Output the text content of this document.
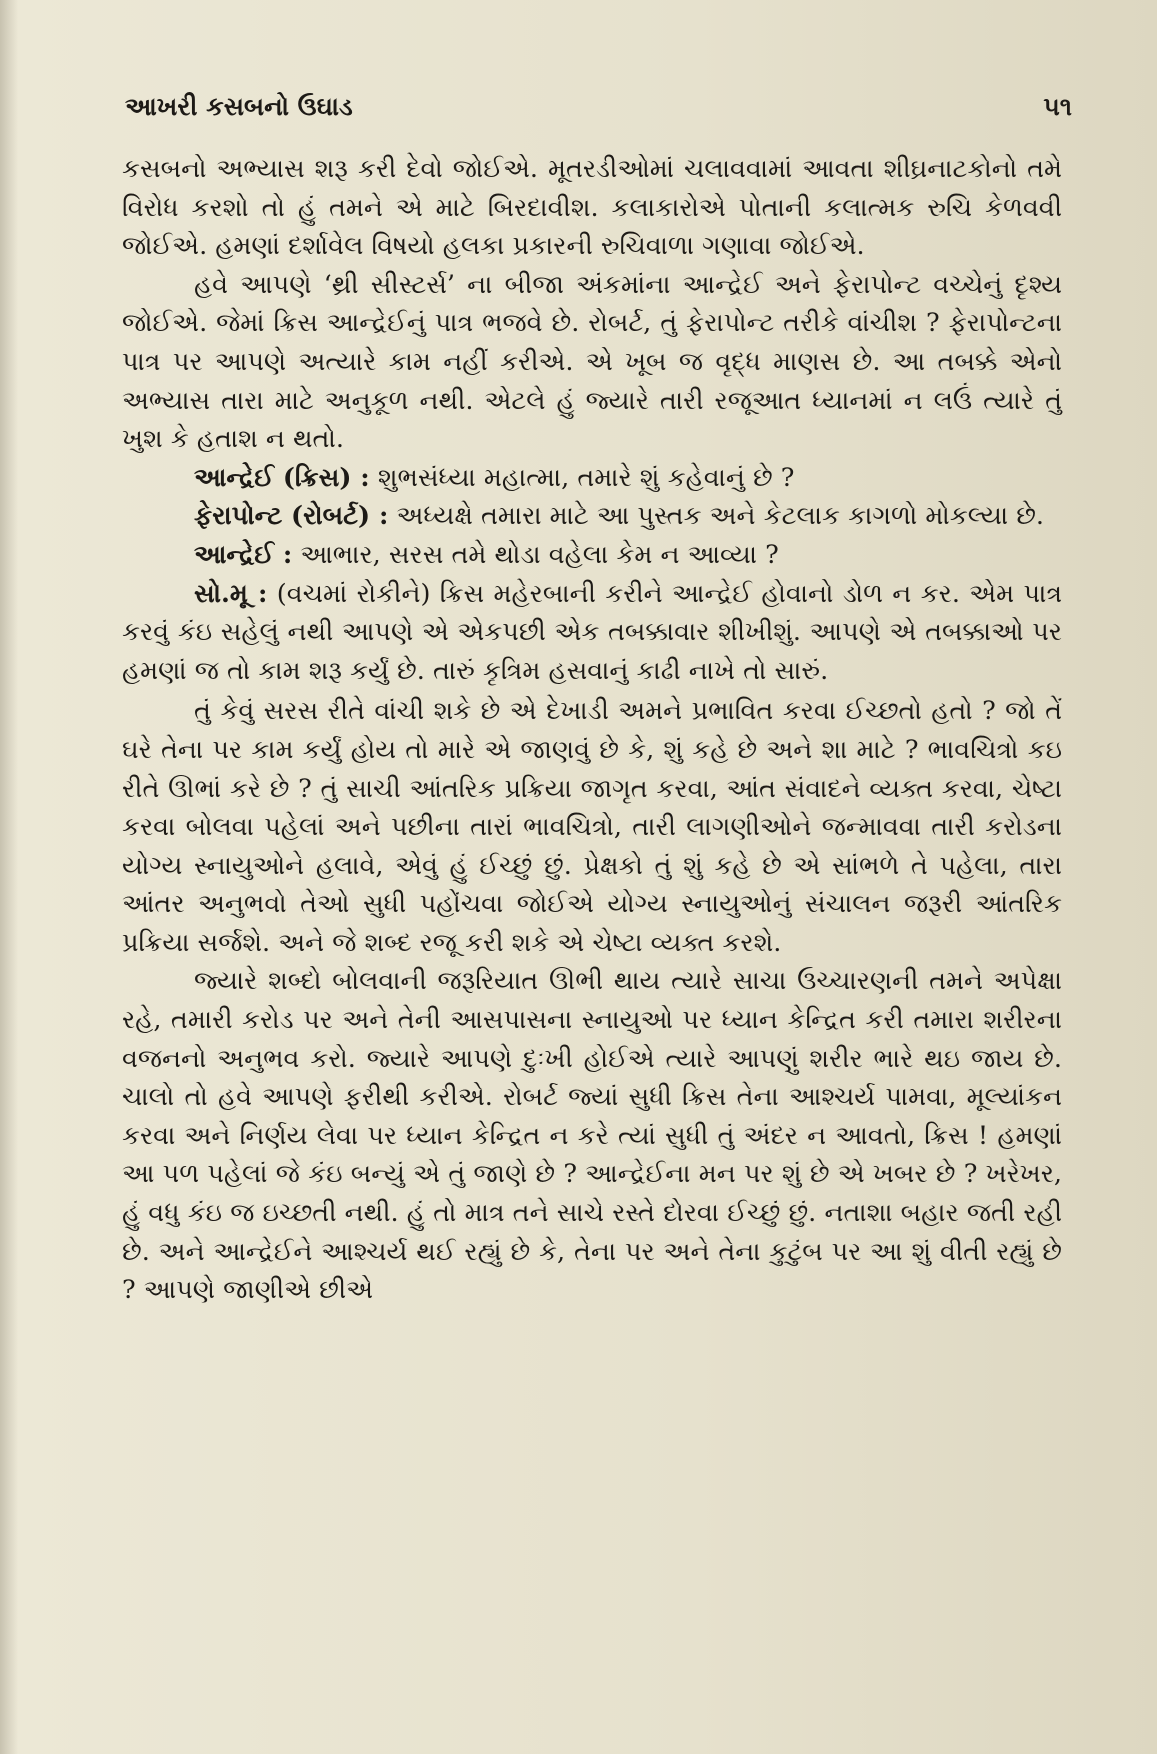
આખરી કસબનો ઉઘાડ	૫૧

કસબનો અભ્યાસ શરૂ કરી દેવો જોઈએ. મૂતરડીઓમાં ચલાવવામાં આવતા શીઘ્રનાટકોનો તમે વિરોધ કરશો તો હું તમને એ માટે બિરદાવીશ. કલાકારોએ પોતાની કલાત્મક રુચિ કેળવવી જોઈએ. હમણાં દર્શાવેલ વિષયો હલકા પ્રકારની રુચિવાળા ગણાવા જોઈએ.

હવે આપણે ‘થ્રી સીસ્ટર્સ’ ના બીજા અંકમાંના આન્દ્રેઈ અને ફેરાપોન્ટ વચ્ચેનું દૃશ્ય જોઈએ. જેમાં ક્રિસ આન્દ્રેઈનું પાત્ર ભજવે છે. રોબર્ટ, તું ફેરાપોન્ટ તરીકે વાંચીશ ? ફેરાપોન્ટના પાત્ર પર આપણે અત્યારે કામ નહીં કરીએ. એ ખૂબ જ વૃદ્ધ માણસ છે. આ તબક્કે એનો અભ્યાસ તારા માટે અનુકૂળ નથી. એટલે હું જ્યારે તારી રજૂઆત ધ્યાનમાં ન લઉં ત્યારે તું ખુશ કે હતાશ ન થતો.

આન્દ્રેઈ (ક્રિસ) : શુભસંધ્યા મહાત્મા, તમારે શું કહેવાનું છે ?

ફેરાપોન્ટ (રોબર્ટ) : અધ્યક્ષે તમારા માટે આ પુસ્તક અને કેટલાક કાગળો મોકલ્યા છે.

આન્દ્રેઈ : આભાર, સરસ તમે થોડા વહેલા કેમ ન આવ્યા ?

સો.મૂ : (વચમાં રોકીને) ક્રિસ મહેરબાની કરીને આન્દ્રેઈ હોવાનો ડોળ ન કર. એમ પાત્ર કરવું કંઇ સહેલું નથી આપણે એ એકપછી એક તબક્કાવાર શીખીશું. આપણે એ તબક્કાઓ પર હમણાં જ તો કામ શરૂ કર્યું છે. તારું કૃત્રિમ હસવાનું કાઢી નાખે તો સારું.

તું કેવું સરસ રીતે વાંચી શકે છે એ દેખાડી અમને પ્રભાવિત કરવા ઈચ્છતો હતો ? જો તેં ઘરે તેના પર કામ કર્યું હોય તો મારે એ જાણવું છે કે, શું કહે છે અને શા માટે ? ભાવચિત્રો કઇ રીતે ઊભાં કરે છે ? તું સાચી આંતરિક પ્રક્રિયા જાગૃત કરવા, આંત સંવાદને વ્યક્ત કરવા, ચેષ્ટા કરવા બોલવા પહેલાં અને પછીના તારાં ભાવચિત્રો, તારી લાગણીઓને જન્માવવા તારી કરોડના યોગ્ય સ્નાયુઓને હલાવે, એવું હું ઈચ્છું છું. પ્રેક્ષકો તું શું કહે છે એ સાંભળે તે પહેલા, તારા આંતર અનુભવો તેઓ સુધી પહોંચવા જોઈએ યોગ્ય સ્નાયુઓનું સંચાલન જરૂરી આંતરિક પ્રક્રિયા સર્જશે. અને જે શબ્દ રજૂ કરી શકે એ ચેષ્ટા વ્યક્ત કરશે.

જ્યારે શબ્દો બોલવાની જરૂરિયાત ઊભી થાય ત્યારે સાચા ઉચ્ચારણની તમને અપેક્ષા રહે, તમારી કરોડ પર અને તેની આસપાસના સ્નાયુઓ પર ધ્યાન કેન્દ્રિત કરી તમારા શરીરના વજનનો અનુભવ કરો. જ્યારે આપણે દુઃખી હોઈએ ત્યારે આપણું શરીર ભારે થઇ જાય છે. ચાલો તો હવે આપણે ફરીથી કરીએ. રોબર્ટ જ્યાં સુધી ક્રિસ તેના આશ્ચર્ય પામવા, મૂલ્યાંકન કરવા અને નિર્ણય લેવા પર ધ્યાન કેન્દ્રિત ન કરે ત્યાં સુધી તું અંદર ન આવતો, ક્રિસ ! હમણાં આ પળ પહેલાં જે કંઇ બન્યું એ તું જાણે છે ? આન્દ્રેઈના મન પર શું છે એ ખબર છે ? ખરેખર, હું વધુ કંઇ જ ઇચ્છતી નથી. હું તો માત્ર તને સાચે રસ્તે દોરવા ઈચ્છું છું. નતાશા બહાર જતી રહી છે. અને આન્દ્રેઈને આશ્ચર્ય થઈ રહ્યું છે કે, તેના પર અને તેના કુટુંબ પર આ શું વીતી રહ્યું છે ? આપણે જાણીએ છીએ
